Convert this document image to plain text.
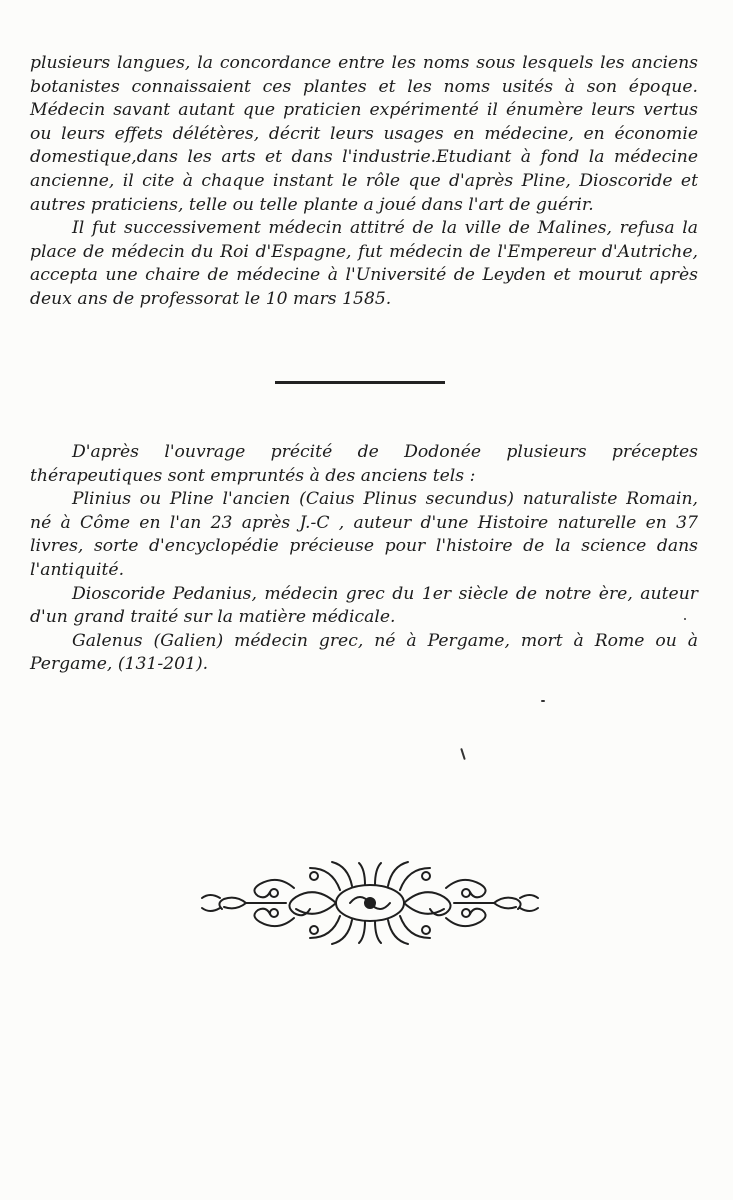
plusieurs langues, la concordance entre les noms sous lesquels les anciens botanistes connaissaient ces plantes et les noms usités à son époque. Médecin savant autant que praticien expérimenté il énumère leurs vertus ou leurs effets délétères, décrit leurs usages en médecine, en économie domestique,dans les arts et dans l'industrie.Etudiant à fond la médecine ancienne, il cite à chaque instant le rôle que d'après Pline, Dioscoride et autres praticiens, telle ou telle plante a joué dans l'art de guérir.

Il fut successivement médecin attitré de la ville de Malines, refusa la place de médecin du Roi d'Espagne, fut médecin de l'Empereur d'Autriche, accepta une chaire de médecine à l'Université de Leyden et mourut après deux ans de professorat le 10 mars 1585.

D'après l'ouvrage précité de Dodonée plusieurs préceptes thérapeutiques sont empruntés à des anciens tels :

Plinius ou Pline l'ancien (Caius Plinus secundus) naturaliste Romain, né à Côme en l'an 23 après J.-C , auteur d'une Histoire naturelle en 37 livres, sorte d'encyclopédie précieuse pour l'histoire de la science dans l'antiquité.

Dioscoride Pedanius, médecin grec du 1er siècle de notre ère, auteur d'un grand traité sur la matière médicale.

Galenus (Galien) médecin grec, né à Pergame, mort à Rome ou à Pergame, (131-201).
